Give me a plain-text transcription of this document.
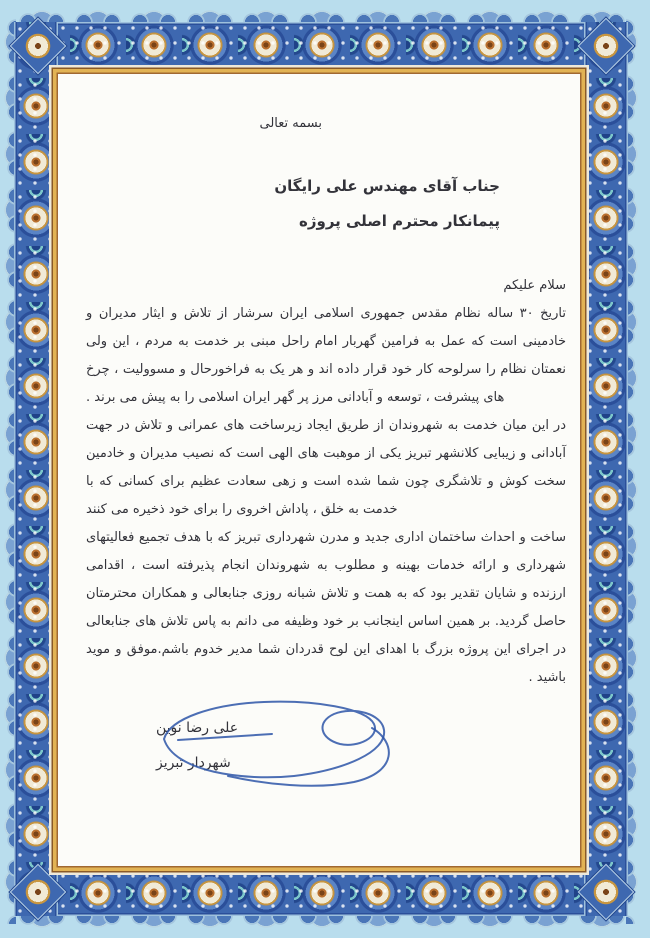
بسمه تعالی
جناب آقای مهندس علی رایگان
پیمانکار محترم اصلی پروژه

سلام علیکم

تاریخ ۳۰ ساله نظام مقدس جمهوری اسلامی ایران سرشار از تلاش و ایثار مدیران و خادمینی است که عمل به فرامین گهربار امام راحل مبنی بر خدمت به مردم ، این ولی نعمتان نظام را سرلوحه کار خود قرار داده اند و هر یک به فراخورحال و مسوولیت ، چرخ های پیشرفت ، توسعه و آبادانی مرز پر گهر ایران اسلامی را به پیش می برند .

در این میان خدمت به شهروندان از طریق ایجاد زیرساخت های عمرانی و تلاش در جهت آبادانی و زیبایی کلانشهر تبریز یکی از موهبت های الهی است که نصیب مدیران و خادمین سخت کوش و تلاشگری چون شما شده است و زهی سعادت عظیم برای کسانی که با خدمت به خلق ، پاداش اخروی را برای خود ذخیره می کنند

ساخت و احداث ساختمان اداری جدید و مدرن شهرداری تبریز که با هدف تجمیع فعالیتهای شهرداری و ارائه خدمات بهینه و مطلوب به شهروندان انجام پذیرفته است ، اقدامی ارزنده و شایان تقدیر بود که به همت و تلاش شبانه روزی جنابعالی و همکاران محترمتان حاصل گردید. بر همین اساس اینجانب بر خود وظیفه می دانم به پاس تلاش های جنابعالی در اجرای این پروژه بزرگ با اهدای این لوح قدردان شما مدیر خدوم باشم.موفق و موید باشید .

علی رضا نوین
شهردار تبریز
